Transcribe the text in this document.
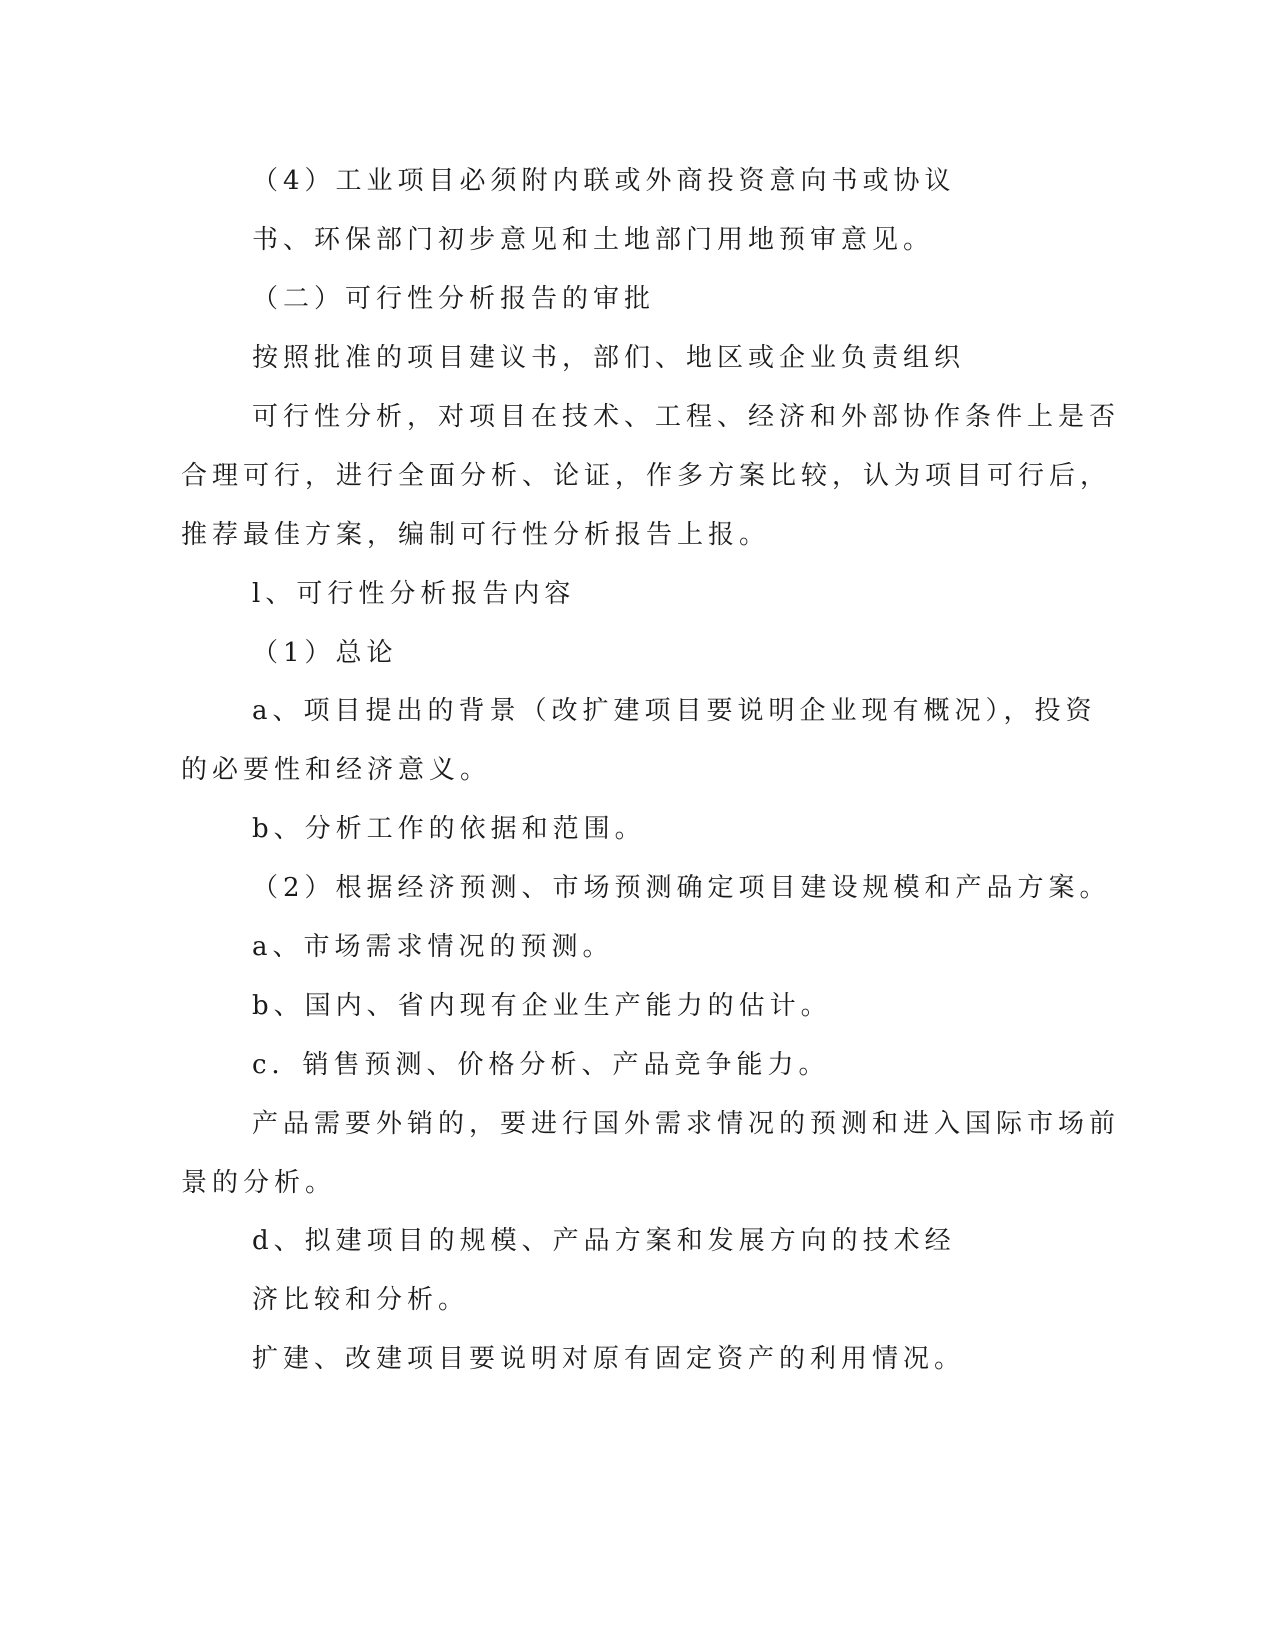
（4）工业项目必须附内联或外商投资意向书或协议
书、环保部门初步意见和土地部门用地预审意见。
（二）可行性分析报告的审批
按照批准的项目建议书，部们、地区或企业负责组织
可行性分析，对项目在技术、工程、经济和外部协作条件上是否
合理可行，进行全面分析、论证，作多方案比较，认为项目可行后，
推荐最佳方案，编制可行性分析报告上报。
l、可行性分析报告内容
（1）总论
a、项目提出的背景（改扩建项目要说明企业现有概况），投资
的必要性和经济意义。
b、分析工作的依据和范围。
（2）根据经济预测、市场预测确定项目建设规模和产品方案。
a、市场需求情况的预测。
b、国内、省内现有企业生产能力的估计。
c．销售预测、价格分析、产品竞争能力。
产品需要外销的，要进行国外需求情况的预测和进入国际市场前
景的分析。
d、拟建项目的规模、产品方案和发展方向的技术经
济比较和分析。
扩建、改建项目要说明对原有固定资产的利用情况。
